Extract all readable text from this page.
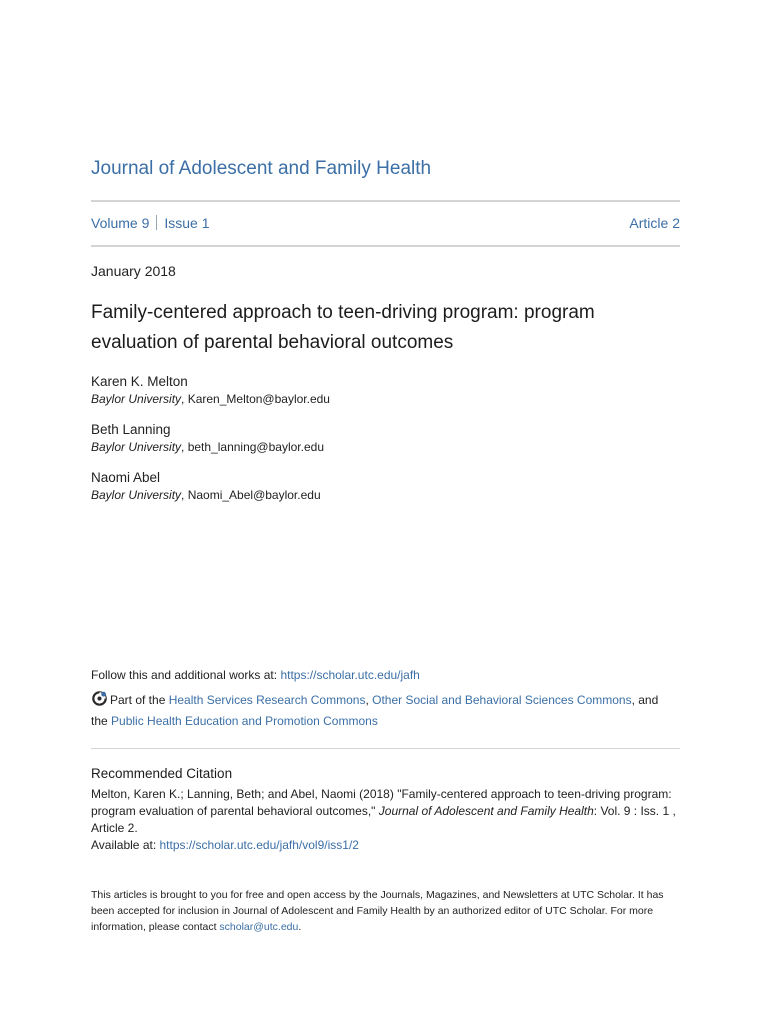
Journal of Adolescent and Family Health
Volume 9 Issue 1	Article 2
January 2018
Family-centered approach to teen-driving program: program evaluation of parental behavioral outcomes
Karen K. Melton
Baylor University, Karen_Melton@baylor.edu
Beth Lanning
Baylor University, beth_lanning@baylor.edu
Naomi Abel
Baylor University, Naomi_Abel@baylor.edu
Follow this and additional works at: https://scholar.utc.edu/jafh
Part of the Health Services Research Commons, Other Social and Behavioral Sciences Commons, and
the Public Health Education and Promotion Commons
Recommended Citation
Melton, Karen K.; Lanning, Beth; and Abel, Naomi (2018) "Family-centered approach to teen-driving program: program evaluation of parental behavioral outcomes," Journal of Adolescent and Family Health: Vol. 9 : Iss. 1 , Article 2.
Available at: https://scholar.utc.edu/jafh/vol9/iss1/2
This articles is brought to you for free and open access by the Journals, Magazines, and Newsletters at UTC Scholar. It has been accepted for inclusion in Journal of Adolescent and Family Health by an authorized editor of UTC Scholar. For more information, please contact scholar@utc.edu.
